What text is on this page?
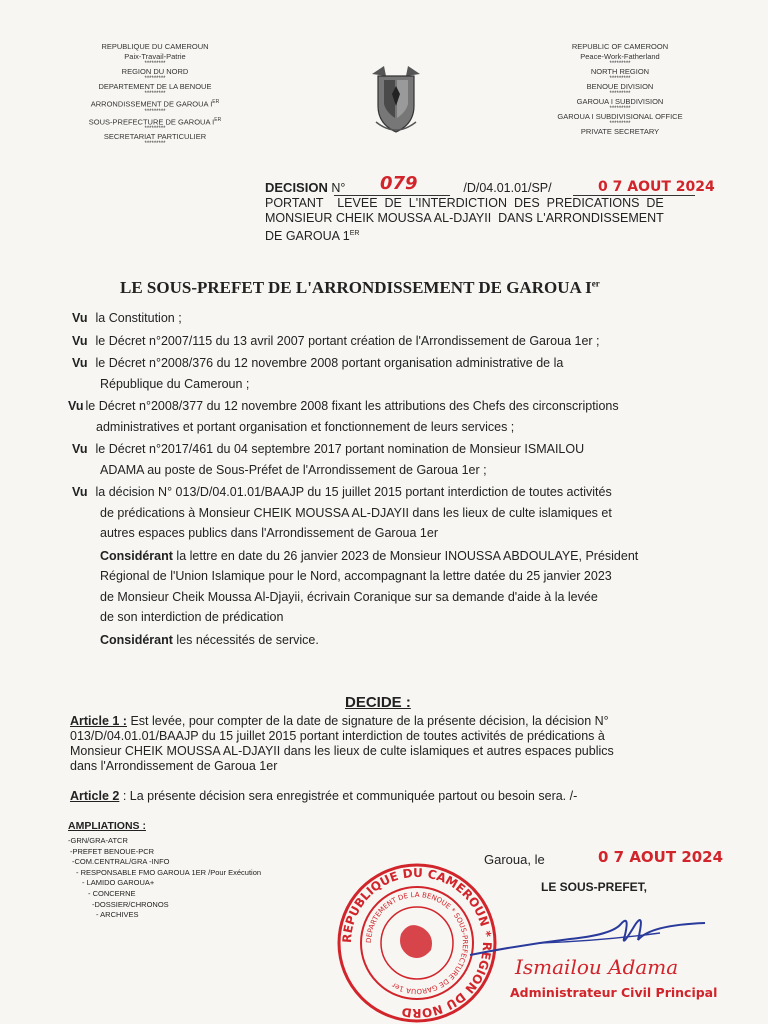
REPUBLIQUE DU CAMEROUN
Paix-Travail-Patrie
*********
REGION DU NORD
*********
DEPARTEMENT DE LA BENOUE
*********
ARRONDISSEMENT DE GAROUA IER
*********
SOUS-PREFECTURE DE GAROUA IER
*********
SECRETARIAT PARTICULIER
*********
REPUBLIC OF CAMEROON
Peace-Work-Fatherland
*********
NORTH REGION
*********
BENOUE DIVISION
*********
GAROUA I SUBDIVISION
*********
GAROUA I SUBDIVISIONAL OFFICE
*********
PRIVATE SECRETARY
DECISION N°	/D/04.01.01/SP/
PORTANT    LEVEE  DE  L'INTERDICTION  DES  PREDICATIONS  DE
MONSIEUR CHEIK MOUSSA AL-DJAYII  DANS L'ARRONDISSEMENT
DE GAROUA 1ER
079	0 7 AOUT 2024
LE SOUS-PREFET DE L'ARRONDISSEMENT DE GAROUA Ier
Vu la Constitution ;
Vu le Décret n°2007/115 du 13 avril 2007 portant création de l'Arrondissement de Garoua 1er ;
Vu le Décret n°2008/376 du 12 novembre 2008 portant organisation administrative de la
République du Cameroun ;
Vu le Décret n°2008/377 du 12 novembre 2008 fixant les attributions des Chefs des circonscriptions
administratives et portant organisation et fonctionnement de leurs services ;
Vu le Décret n°2017/461 du 04 septembre 2017 portant nomination de Monsieur ISMAILOU
ADAMA au poste de Sous-Préfet de l'Arrondissement de Garoua 1er ;
Vu la décision N° 013/D/04.01.01/BAAJP du 15 juillet 2015 portant interdiction de toutes activités
de prédications à Monsieur CHEIK MOUSSA AL-DJAYII dans les lieux de culte islamiques et
autres espaces publics dans l'Arrondissement de Garoua 1er
Considérant la lettre en date du 26 janvier 2023 de Monsieur INOUSSA ABDOULAYE, Président
Régional de l'Union Islamique pour le Nord, accompagnant la lettre datée du 25 janvier 2023
de Monsieur Cheik Moussa Al-Djayii, écrivain Coranique sur sa demande d'aide à la levée
de son interdiction de prédication
Considérant les nécessités de service.
DECIDE :
Article 1 : Est levée, pour compter de la date de signature de la présente décision, la décision N°
013/D/04.01.01/BAAJP du 15 juillet 2015 portant interdiction de toutes activités de prédications à
Monsieur CHEIK MOUSSA AL-DJAYII dans les lieux de culte islamiques et autres espaces publics
dans l'Arrondissement de Garoua 1er
Article 2 : La présente décision sera enregistrée et communiquée partout ou besoin sera. /-
AMPLIATIONS :
-GRN/GRA-ATCR
-PREFET BENOUE-PCR
-COM.CENTRAL/GRA -INFO
- RESPONSABLE FMO GAROUA 1ER /Pour Exécution
- LAMIDO GAROUA+
- CONCERNE
-DOSSIER/CHRONOS
- ARCHIVES
REPUBLIQUE DU CAMEROUN * REGION DU NORD
DEPARTEMENT DE LA BENOUE * SOUS-PREFECTURE DE GAROUA 1er
Garoua, le	0 7 AOUT 2024
LE SOUS-PREFET,
Ismailou Adama
Administrateur Civil Principal
